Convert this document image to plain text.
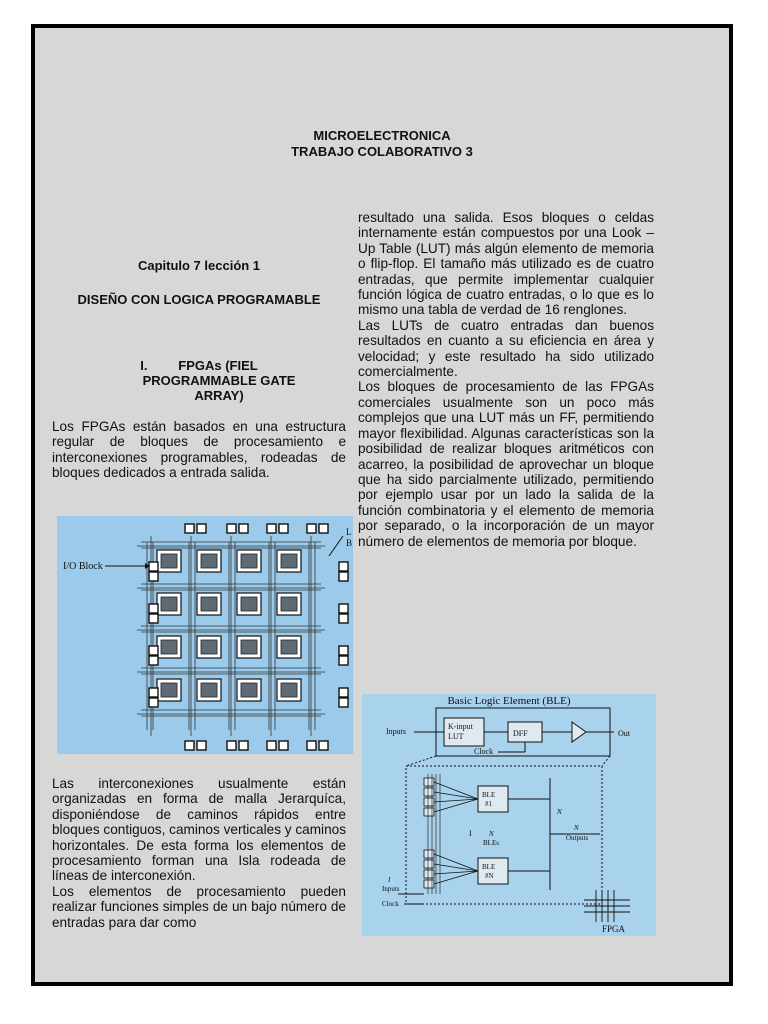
MICROELECTRONICA
TRABAJO COLABORATIVO 3
Capitulo 7 lección 1
DISEÑO CON LOGICA PROGRAMABLE
I. FPGAs (FIEL
PROGRAMMABLE GATE
ARRAY)

Los FPGAs están basados en una estructura regular de bloques de procesamiento e interconexiones programables, rodeadas de bloques dedicados a entrada salida.

Las interconexiones usualmente están organizadas en forma de malla Jerarquíca, disponiéndose de caminos rápidos entre bloques contiguos, caminos verticales y caminos horizontales. De esta forma los elementos de procesamiento forman una Isla rodeada de líneas de interconexión.

Los elementos de procesamiento pueden realizar funciones simples de un bajo número de entradas para dar como

I/O Block
L
B

resultado una salida. Esos bloques o celdas internamente están compuestos por una Look – Up Table (LUT) más algún elemento de memoria o flip-flop. El tamaño más utilizado es de cuatro entradas, que permite implementar cualquier función lógica de cuatro entradas, o lo que es lo mismo una tabla de verdad de 16 renglones.

Las LUTs de cuatro entradas dan buenos resultados en cuanto a su eficiencia en área y velocidad; y este resultado ha sido utilizado comercialmente.

Los bloques de procesamiento de las FPGAs comerciales usualmente son un poco más complejos que una LUT más un FF, permitiendo mayor flexibilidad. Algunas características son la posibilidad de realizar bloques aritméticos con acarreo, la posibilidad de aprovechar un bloque que ha sido parcialmente utilizado, permitiendo por ejemplo usar por un lado la salida de la función combinatoria y el elemento de memoria por separado, o la incorporación de un mayor número de elementos de memoria por bloque.

Basic Logic Element (BLE)
Inputs
K-input
LUT	DFF	Out
Clock
BLE
#1
BLE
#N
N
N
Outputs
N
BLEs
I
I
Inputs
Clock
FPGA
